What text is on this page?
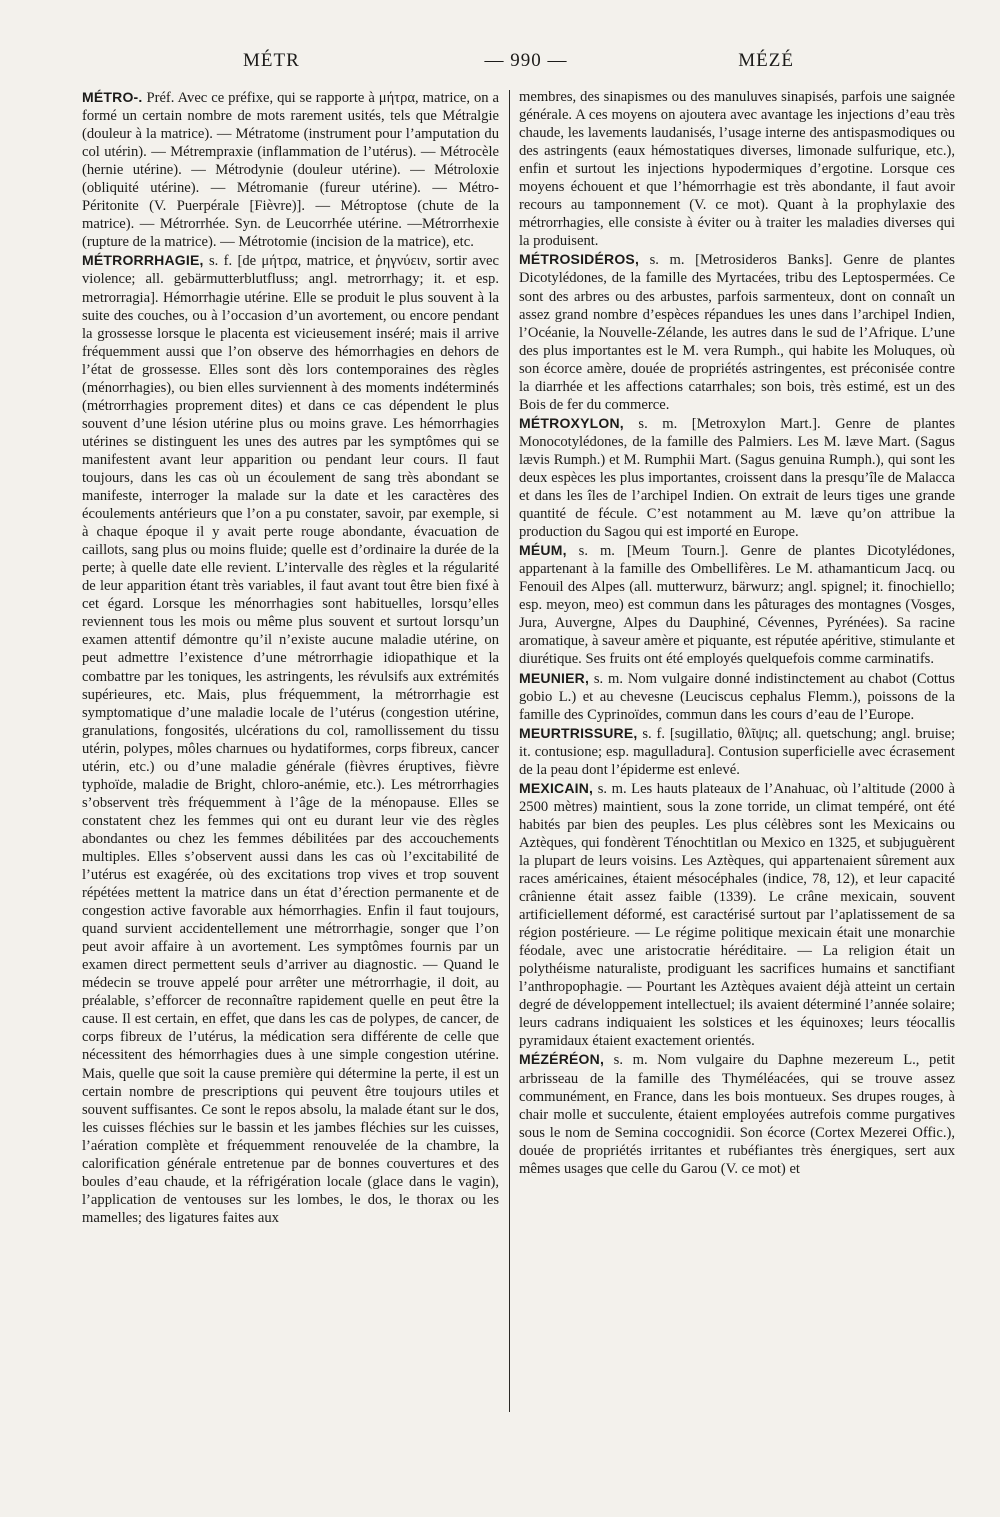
MÉTR	— 990 —	MÉZÉ

MÉTRO-. Préf. Avec ce préfixe, qui se rapporte à μήτρα, matrice, on a formé un certain nombre de mots rarement usités, tels que Métralgie (douleur à la matrice). — Métratome (instrument pour l’amputation du col utérin). — Métrempraxie (inflammation de l’utérus). — Métrocèle (hernie utérine). — Métrodynie (douleur utérine). — Métroloxie (obliquité utérine). — Métromanie (fureur utérine). — Métro-Péritonite (V. Puerpérale [Fièvre)]. — Métroptose (chute de la matrice). — Métrorrhée. Syn. de Leucorrhée utérine. —Métrorrhexie (rupture de la matrice). — Métrotomie (incision de la matrice), etc.

MÉTRORRHAGIE, s. f. [de μήτρα, matrice, et ῥηγνύειν, sortir avec violence; all. gebärmutterblutfluss; angl. metrorrhagy; it. et esp. metrorragia]. Hémorrhagie utérine. Elle se produit le plus souvent à la suite des couches, ou à l’occasion d’un avortement, ou encore pendant la grossesse lorsque le placenta est vicieusement inséré; mais il arrive fréquemment aussi que l’on observe des hémorrhagies en dehors de l’état de grossesse. Elles sont dès lors contemporaines des règles (ménorrhagies), ou bien elles surviennent à des moments indéterminés (métrorrhagies proprement dites) et dans ce cas dépendent le plus souvent d’une lésion utérine plus ou moins grave. Les hémorrhagies utérines se distinguent les unes des autres par les symptômes qui se manifestent avant leur apparition ou pendant leur cours. Il faut toujours, dans les cas où un écoulement de sang très abondant se manifeste, interroger la malade sur la date et les caractères des écoulements antérieurs que l’on a pu constater, savoir, par exemple, si à chaque époque il y avait perte rouge abondante, évacuation de caillots, sang plus ou moins fluide; quelle est d’ordinaire la durée de la perte; à quelle date elle revient. L’intervalle des règles et la régularité de leur apparition étant très variables, il faut avant tout être bien fixé à cet égard. Lorsque les ménorrhagies sont habituelles, lorsqu’elles reviennent tous les mois ou même plus souvent et surtout lorsqu’un examen attentif démontre qu’il n’existe aucune maladie utérine, on peut admettre l’existence d’une métrorrhagie idiopathique et la combattre par les toniques, les astringents, les révulsifs aux extrémités supérieures, etc. Mais, plus fréquemment, la métrorrhagie est symptomatique d’une maladie locale de l’utérus (congestion utérine, granulations, fongosités, ulcérations du col, ramollissement du tissu utérin, polypes, môles charnues ou hydatiformes, corps fibreux, cancer utérin, etc.) ou d’une maladie générale (fièvres éruptives, fièvre typhoïde, maladie de Bright, chloro-anémie, etc.). Les métrorrhagies s’observent très fréquemment à l’âge de la ménopause. Elles se constatent chez les femmes qui ont eu durant leur vie des règles abondantes ou chez les femmes débilitées par des accouchements multiples. Elles s’observent aussi dans les cas où l’excitabilité de l’utérus est exagérée, où des excitations trop vives et trop souvent répétées mettent la matrice dans un état d’érection permanente et de congestion active favorable aux hémorrhagies. Enfin il faut toujours, quand survient accidentellement une métrorrhagie, songer que l’on peut avoir affaire à un avortement. Les symptômes fournis par un examen direct permettent seuls d’arriver au diagnostic. — Quand le médecin se trouve appelé pour arrêter une métrorrhagie, il doit, au préalable, s’efforcer de reconnaître rapidement quelle en peut être la cause. Il est certain, en effet, que dans les cas de polypes, de cancer, de corps fibreux de l’utérus, la médication sera différente de celle que nécessitent des hémorrhagies dues à une simple congestion utérine. Mais, quelle que soit la cause première qui détermine la perte, il est un certain nombre de prescriptions qui peuvent être toujours utiles et souvent suffisantes. Ce sont le repos absolu, la malade étant sur le dos, les cuisses fléchies sur le bassin et les jambes fléchies sur les cuisses, l’aération complète et fréquemment renouvelée de la chambre, la calorification générale entretenue par de bonnes couvertures et des boules d’eau chaude, et la réfrigération locale (glace dans le vagin), l’application de ventouses sur les lombes, le dos, le thorax ou les mamelles; des ligatures faites aux

membres, des sinapismes ou des manuluves sinapisés, parfois une saignée générale. A ces moyens on ajoutera avec avantage les injections d’eau très chaude, les lavements laudanisés, l’usage interne des antispasmodiques ou des astringents (eaux hémostatiques diverses, limonade sulfurique, etc.), enfin et surtout les injections hypodermiques d’ergotine. Lorsque ces moyens échouent et que l’hémorrhagie est très abondante, il faut avoir recours au tamponnement (V. ce mot). Quant à la prophylaxie des métrorrhagies, elle consiste à éviter ou à traiter les maladies diverses qui la produisent.

MÉTROSIDÉROS, s. m. [Metrosideros Banks]. Genre de plantes Dicotylédones, de la famille des Myrtacées, tribu des Leptospermées. Ce sont des arbres ou des arbustes, parfois sarmenteux, dont on connaît un assez grand nombre d’espèces répandues les unes dans l’archipel Indien, l’Océanie, la Nouvelle-Zélande, les autres dans le sud de l’Afrique. L’une des plus importantes est le M. vera Rumph., qui habite les Moluques, où son écorce amère, douée de propriétés astringentes, est préconisée contre la diarrhée et les affections catarrhales; son bois, très estimé, est un des Bois de fer du commerce.

MÉTROXYLON, s. m. [Metroxylon Mart.]. Genre de plantes Monocotylédones, de la famille des Palmiers. Les M. læve Mart. (Sagus lævis Rumph.) et M. Rumphii Mart. (Sagus genuina Rumph.), qui sont les deux espèces les plus importantes, croissent dans la presqu’île de Malacca et dans les îles de l’archipel Indien. On extrait de leurs tiges une grande quantité de fécule. C’est notamment au M. læve qu’on attribue la production du Sagou qui est importé en Europe.

MÉUM, s. m. [Meum Tourn.]. Genre de plantes Dicotylédones, appartenant à la famille des Ombellifères. Le M. athamanticum Jacq. ou Fenouil des Alpes (all. mutterwurz, bärwurz; angl. spignel; it. finochiello; esp. meyon, meo) est commun dans les pâturages des montagnes (Vosges, Jura, Auvergne, Alpes du Dauphiné, Cévennes, Pyrénées). Sa racine aromatique, à saveur amère et piquante, est réputée apéritive, stimulante et diurétique. Ses fruits ont été employés quelquefois comme carminatifs.

MEUNIER, s. m. Nom vulgaire donné indistinctement au chabot (Cottus gobio L.) et au chevesne (Leuciscus cephalus Flemm.), poissons de la famille des Cyprinoïdes, commun dans les cours d’eau de l’Europe.

MEURTRISSURE, s. f. [sugillatio, θλῖψις; all. quetschung; angl. bruise; it. contusione; esp. magulladura]. Contusion superficielle avec écrasement de la peau dont l’épiderme est enlevé.

MEXICAIN, s. m. Les hauts plateaux de l’Anahuac, où l’altitude (2000 à 2500 mètres) maintient, sous la zone torride, un climat tempéré, ont été habités par bien des peuples. Les plus célèbres sont les Mexicains ou Aztèques, qui fondèrent Ténochtitlan ou Mexico en 1325, et subjuguèrent la plupart de leurs voisins. Les Aztèques, qui appartenaient sûrement aux races américaines, étaient mésocéphales (indice, 78, 12), et leur capacité crânienne était assez faible (1339). Le crâne mexicain, souvent artificiellement déformé, est caractérisé surtout par l’aplatissement de sa région postérieure. — Le régime politique mexicain était une monarchie féodale, avec une aristocratie héréditaire. — La religion était un polythéisme naturaliste, prodiguant les sacrifices humains et sanctifiant l’anthropophagie. — Pourtant les Aztèques avaient déjà atteint un certain degré de développement intellectuel; ils avaient déterminé l’année solaire; leurs cadrans indiquaient les solstices et les équinoxes; leurs téocallis pyramidaux étaient exactement orientés.

MÉZÉRÉON, s. m. Nom vulgaire du Daphne mezereum L., petit arbrisseau de la famille des Thyméléacées, qui se trouve assez communément, en France, dans les bois montueux. Ses drupes rouges, à chair molle et succulente, étaient employées autrefois comme purgatives sous le nom de Semina coccognidii. Son écorce (Cortex Mezerei Offic.), douée de propriétés irritantes et rubéfiantes très énergiques, sert aux mêmes usages que celle du Garou (V. ce mot) et
